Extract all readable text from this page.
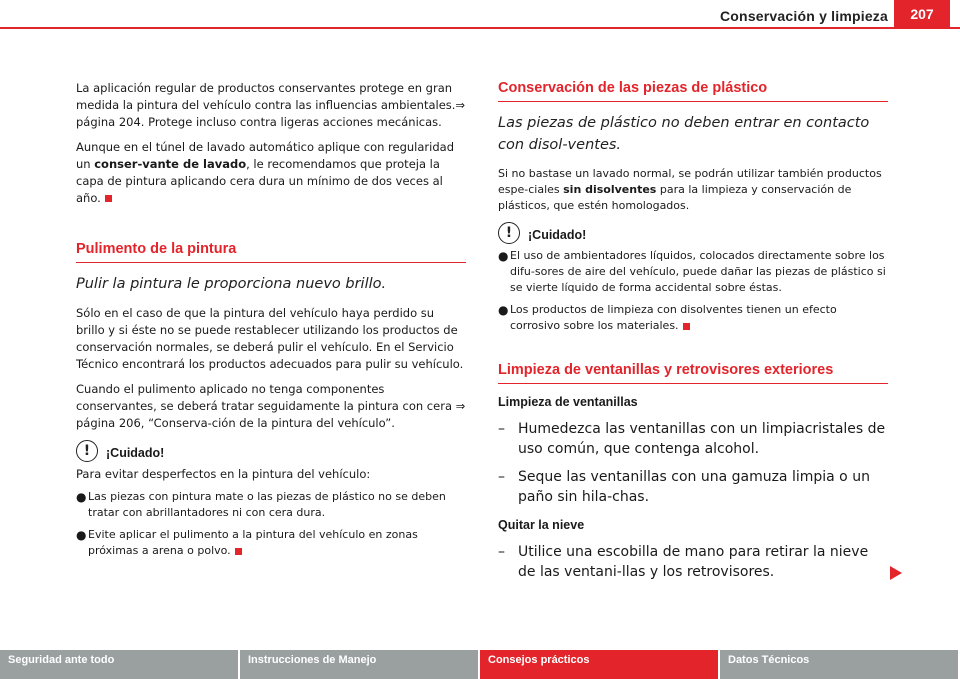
Conservación y limpieza	207

La aplicación regular de productos conservantes protege en gran medida la pintura del vehículo contra las influencias ambientales.⇒ página 204. Protege incluso contra ligeras acciones mecánicas.

Aunque en el túnel de lavado automático aplique con regularidad un conser-vante de lavado, le recomendamos que proteja la capa de pintura aplicando cera dura un mínimo de dos veces al año.

Pulimento de la pintura
Pulir la pintura le proporciona nuevo brillo.

Sólo en el caso de que la pintura del vehículo haya perdido su brillo y si éste no se puede restablecer utilizando los productos de conservación normales, se deberá pulir el vehículo. En el Servicio Técnico encontrará los productos adecuados para pulir su vehículo.

Cuando el pulimento aplicado no tenga componentes conservantes, se deberá tratar seguidamente la pintura con cera ⇒ página 206, “Conserva-ción de la pintura del vehículo”.

!
¡Cuidado!

Para evitar desperfectos en la pintura del vehículo:

● Las piezas con pintura mate o las piezas de plástico no se deben tratar con abrillantadores ni con cera dura.
● Evite aplicar el pulimento a la pintura del vehículo en zonas próximas a arena o polvo.
Conservación de las piezas de plástico
Las piezas de plástico no deben entrar en contacto con disol-ventes.

Si no bastase un lavado normal, se podrán utilizar también productos espe-ciales sin disolventes para la limpieza y conservación de plásticos, que estén homologados.

!
¡Cuidado!
● El uso de ambientadores líquidos, colocados directamente sobre los difu-sores de aire del vehículo, puede dañar las piezas de plástico si se vierte líquido de forma accidental sobre éstas.
● Los productos de limpieza con disolventes tienen un efecto corrosivo sobre los materiales.
Limpieza de ventanillas y retrovisores exteriores
Limpieza de ventanillas
– Humedezca las ventanillas con un limpiacristales de uso común, que contenga alcohol.
– Seque las ventanillas con una gamuza limpia o un paño sin hila-chas.
Quitar la nieve
– Utilice una escobilla de mano para retirar la nieve de las ventani-llas y los retrovisores.
Seguridad ante todo	Instrucciones de Manejo	Consejos prácticos	Datos Técnicos
